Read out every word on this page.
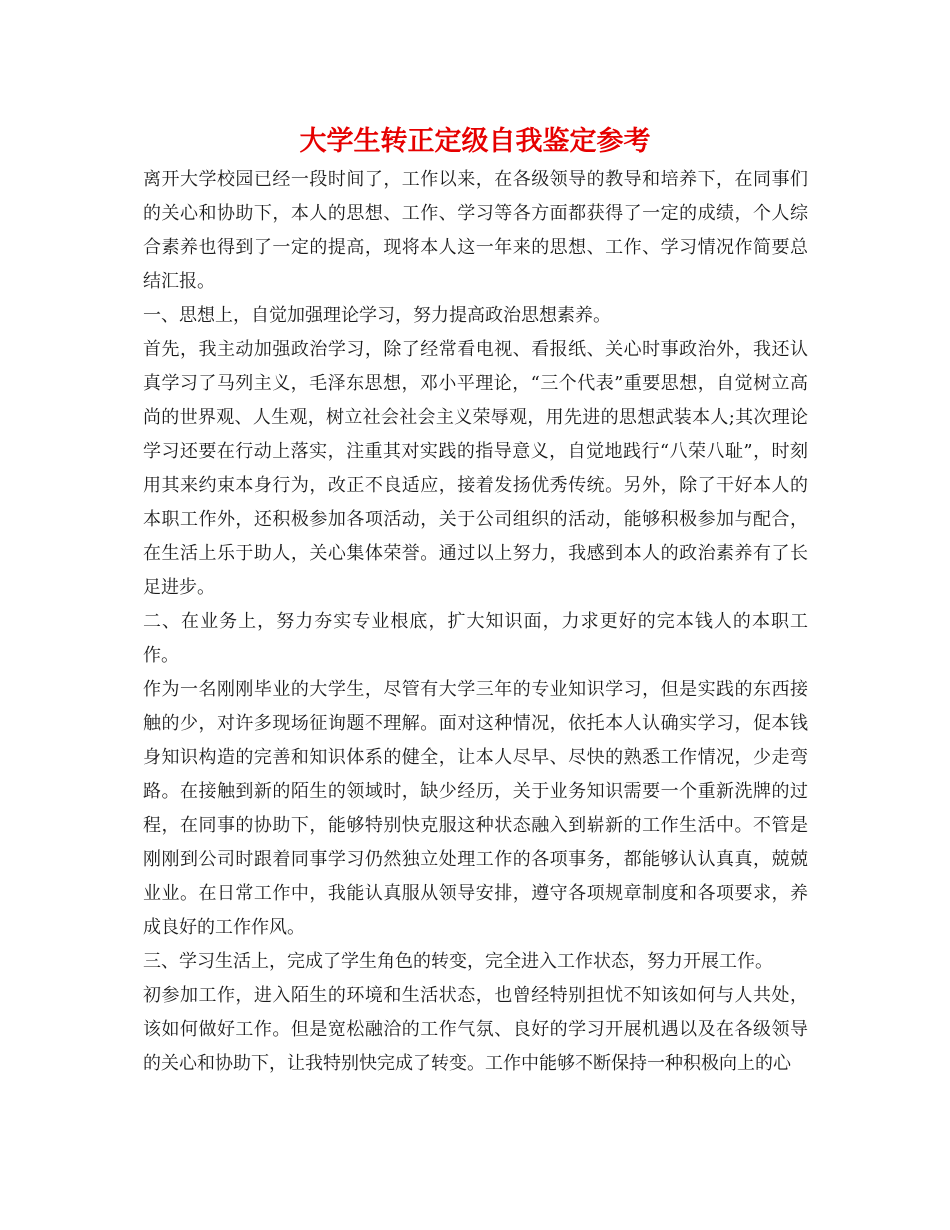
大学生转正定级自我鉴定参考

离开大学校园已经一段时间了，工作以来，在各级领导的教导和培养下，在同事们的关心和协助下，本人的思想、工作、学习等各方面都获得了一定的成绩，个人综合素养也得到了一定的提高，现将本人这一年来的思想、工作、学习情况作简要总结汇报。

一、思想上，自觉加强理论学习，努力提高政治思想素养。

首先，我主动加强政治学习，除了经常看电视、看报纸、关心时事政治外，我还认真学习了马列主义，毛泽东思想，邓小平理论，“三个代表”重要思想，自觉树立高尚的世界观、人生观，树立社会社会主义荣辱观，用先进的思想武装本人;其次理论学习还要在行动上落实，注重其对实践的指导意义，自觉地践行“八荣八耻”，时刻用其来约束本身行为，改正不良适应，接着发扬优秀传统。另外，除了干好本人的本职工作外，还积极参加各项活动，关于公司组织的活动，能够积极参加与配合，在生活上乐于助人，关心集体荣誉。通过以上努力，我感到本人的政治素养有了长足进步。

二、在业务上，努力夯实专业根底，扩大知识面，力求更好的完本钱人的本职工作。

作为一名刚刚毕业的大学生，尽管有大学三年的专业知识学习，但是实践的东西接触的少，对许多现场征询题不理解。面对这种情况，依托本人认确实学习，促本钱身知识构造的完善和知识体系的健全，让本人尽早、尽快的熟悉工作情况，少走弯路。在接触到新的陌生的领域时，缺少经历，关于业务知识需要一个重新洗牌的过程，在同事的协助下，能够特别快克服这种状态融入到崭新的工作生活中。不管是刚刚到公司时跟着同事学习仍然独立处理工作的各项事务，都能够认认真真，兢兢业业。在日常工作中，我能认真服从领导安排，遵守各项规章制度和各项要求，养成良好的工作作风。

三、学习生活上，完成了学生角色的转变，完全进入工作状态，努力开展工作。

初参加工作，进入陌生的环境和生活状态，也曾经特别担忧不知该如何与人共处，该如何做好工作。但是宽松融洽的工作气氛、良好的学习开展机遇以及在各级领导的关心和协助下，让我特别快完成了转变。工作中能够不断保持一种积极向上的心
